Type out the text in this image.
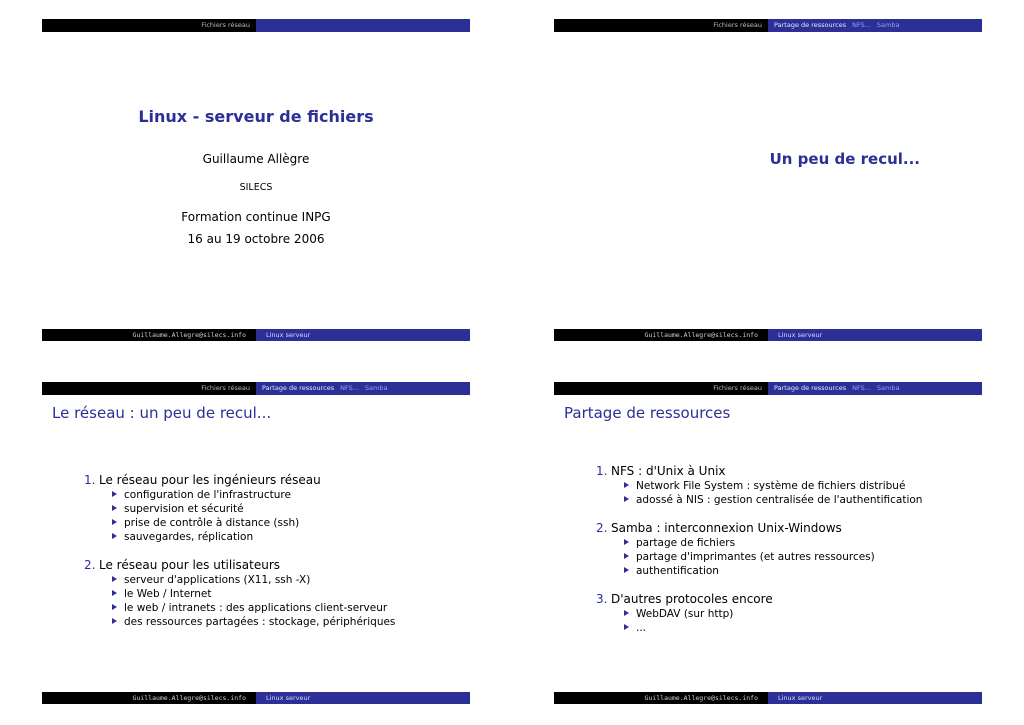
Fichiers réseau
Linux - serveur de fichiers
Guillaume Allègre
SILECS
Formation continue INPG
16 au 19 octobre 2006
Guillaume.Allegre@silecs.info	Linux serveur
Fichiers réseau	Partage de ressources NFS... Samba
Un peu de recul...
Guillaume.Allegre@silecs.info	Linux serveur
Fichiers réseau	Partage de ressources NFS... Samba
Le réseau : un peu de recul...
1. Le réseau pour les ingénieurs réseau
configuration de l'infrastructure
supervision et sécurité
prise de contrôle à distance (ssh)
sauvegardes, réplication
2. Le réseau pour les utilisateurs
serveur d'applications (X11, ssh -X)
le Web / Internet
le web / intranets : des applications client-serveur
des ressources partagées : stockage, périphériques
Guillaume.Allegre@silecs.info	Linux serveur
Fichiers réseau	Partage de ressources NFS... Samba
Partage de ressources
1. NFS : d'Unix à Unix
Network File System : système de fichiers distribué
adossé à NIS : gestion centralisée de l'authentification
2. Samba : interconnexion Unix-Windows
partage de fichiers
partage d'imprimantes (et autres ressources)
authentification
3. D'autres protocoles encore
WebDAV (sur http)
...
Guillaume.Allegre@silecs.info	Linux serveur
